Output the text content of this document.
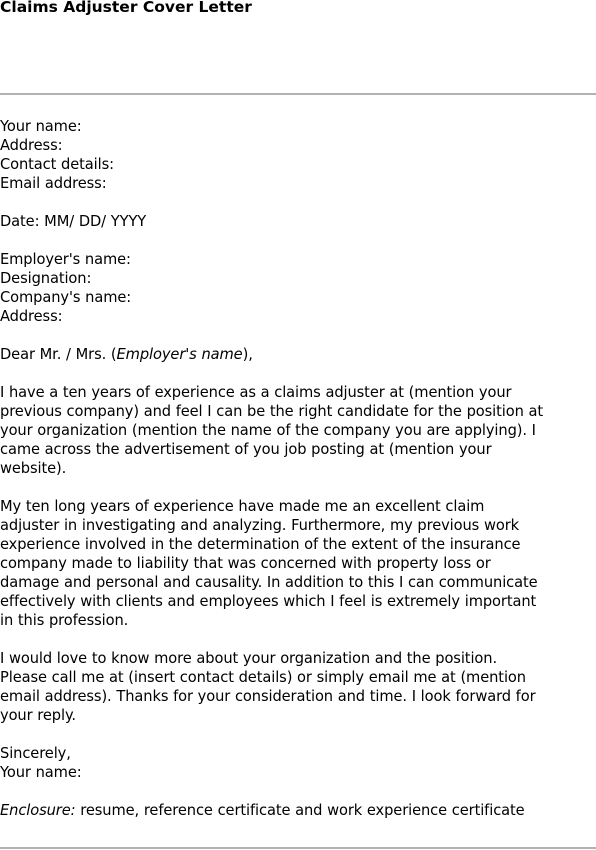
Claims Adjuster Cover Letter

Your name:
Address:
Contact details:
Email address:

Date: MM/ DD/ YYYY

Employer's name:
Designation:
Company's name:
Address:

Dear Mr. / Mrs. (Employer's name),

I have a ten years of experience as a claims adjuster at (mention your
previous company) and feel I can be the right candidate for the position at
your organization (mention the name of the company you are applying). I
came across the advertisement of you job posting at (mention your
website).

My ten long years of experience have made me an excellent claim
adjuster in investigating and analyzing. Furthermore, my previous work
experience involved in the determination of the extent of the insurance
company made to liability that was concerned with property loss or
damage and personal and causality. In addition to this I can communicate
effectively with clients and employees which I feel is extremely important
in this profession.

I would love to know more about your organization and the position.
Please call me at (insert contact details) or simply email me at (mention
email address). Thanks for your consideration and time. I look forward for
your reply.

Sincerely,
Your name:

Enclosure: resume, reference certificate and work experience certificate
